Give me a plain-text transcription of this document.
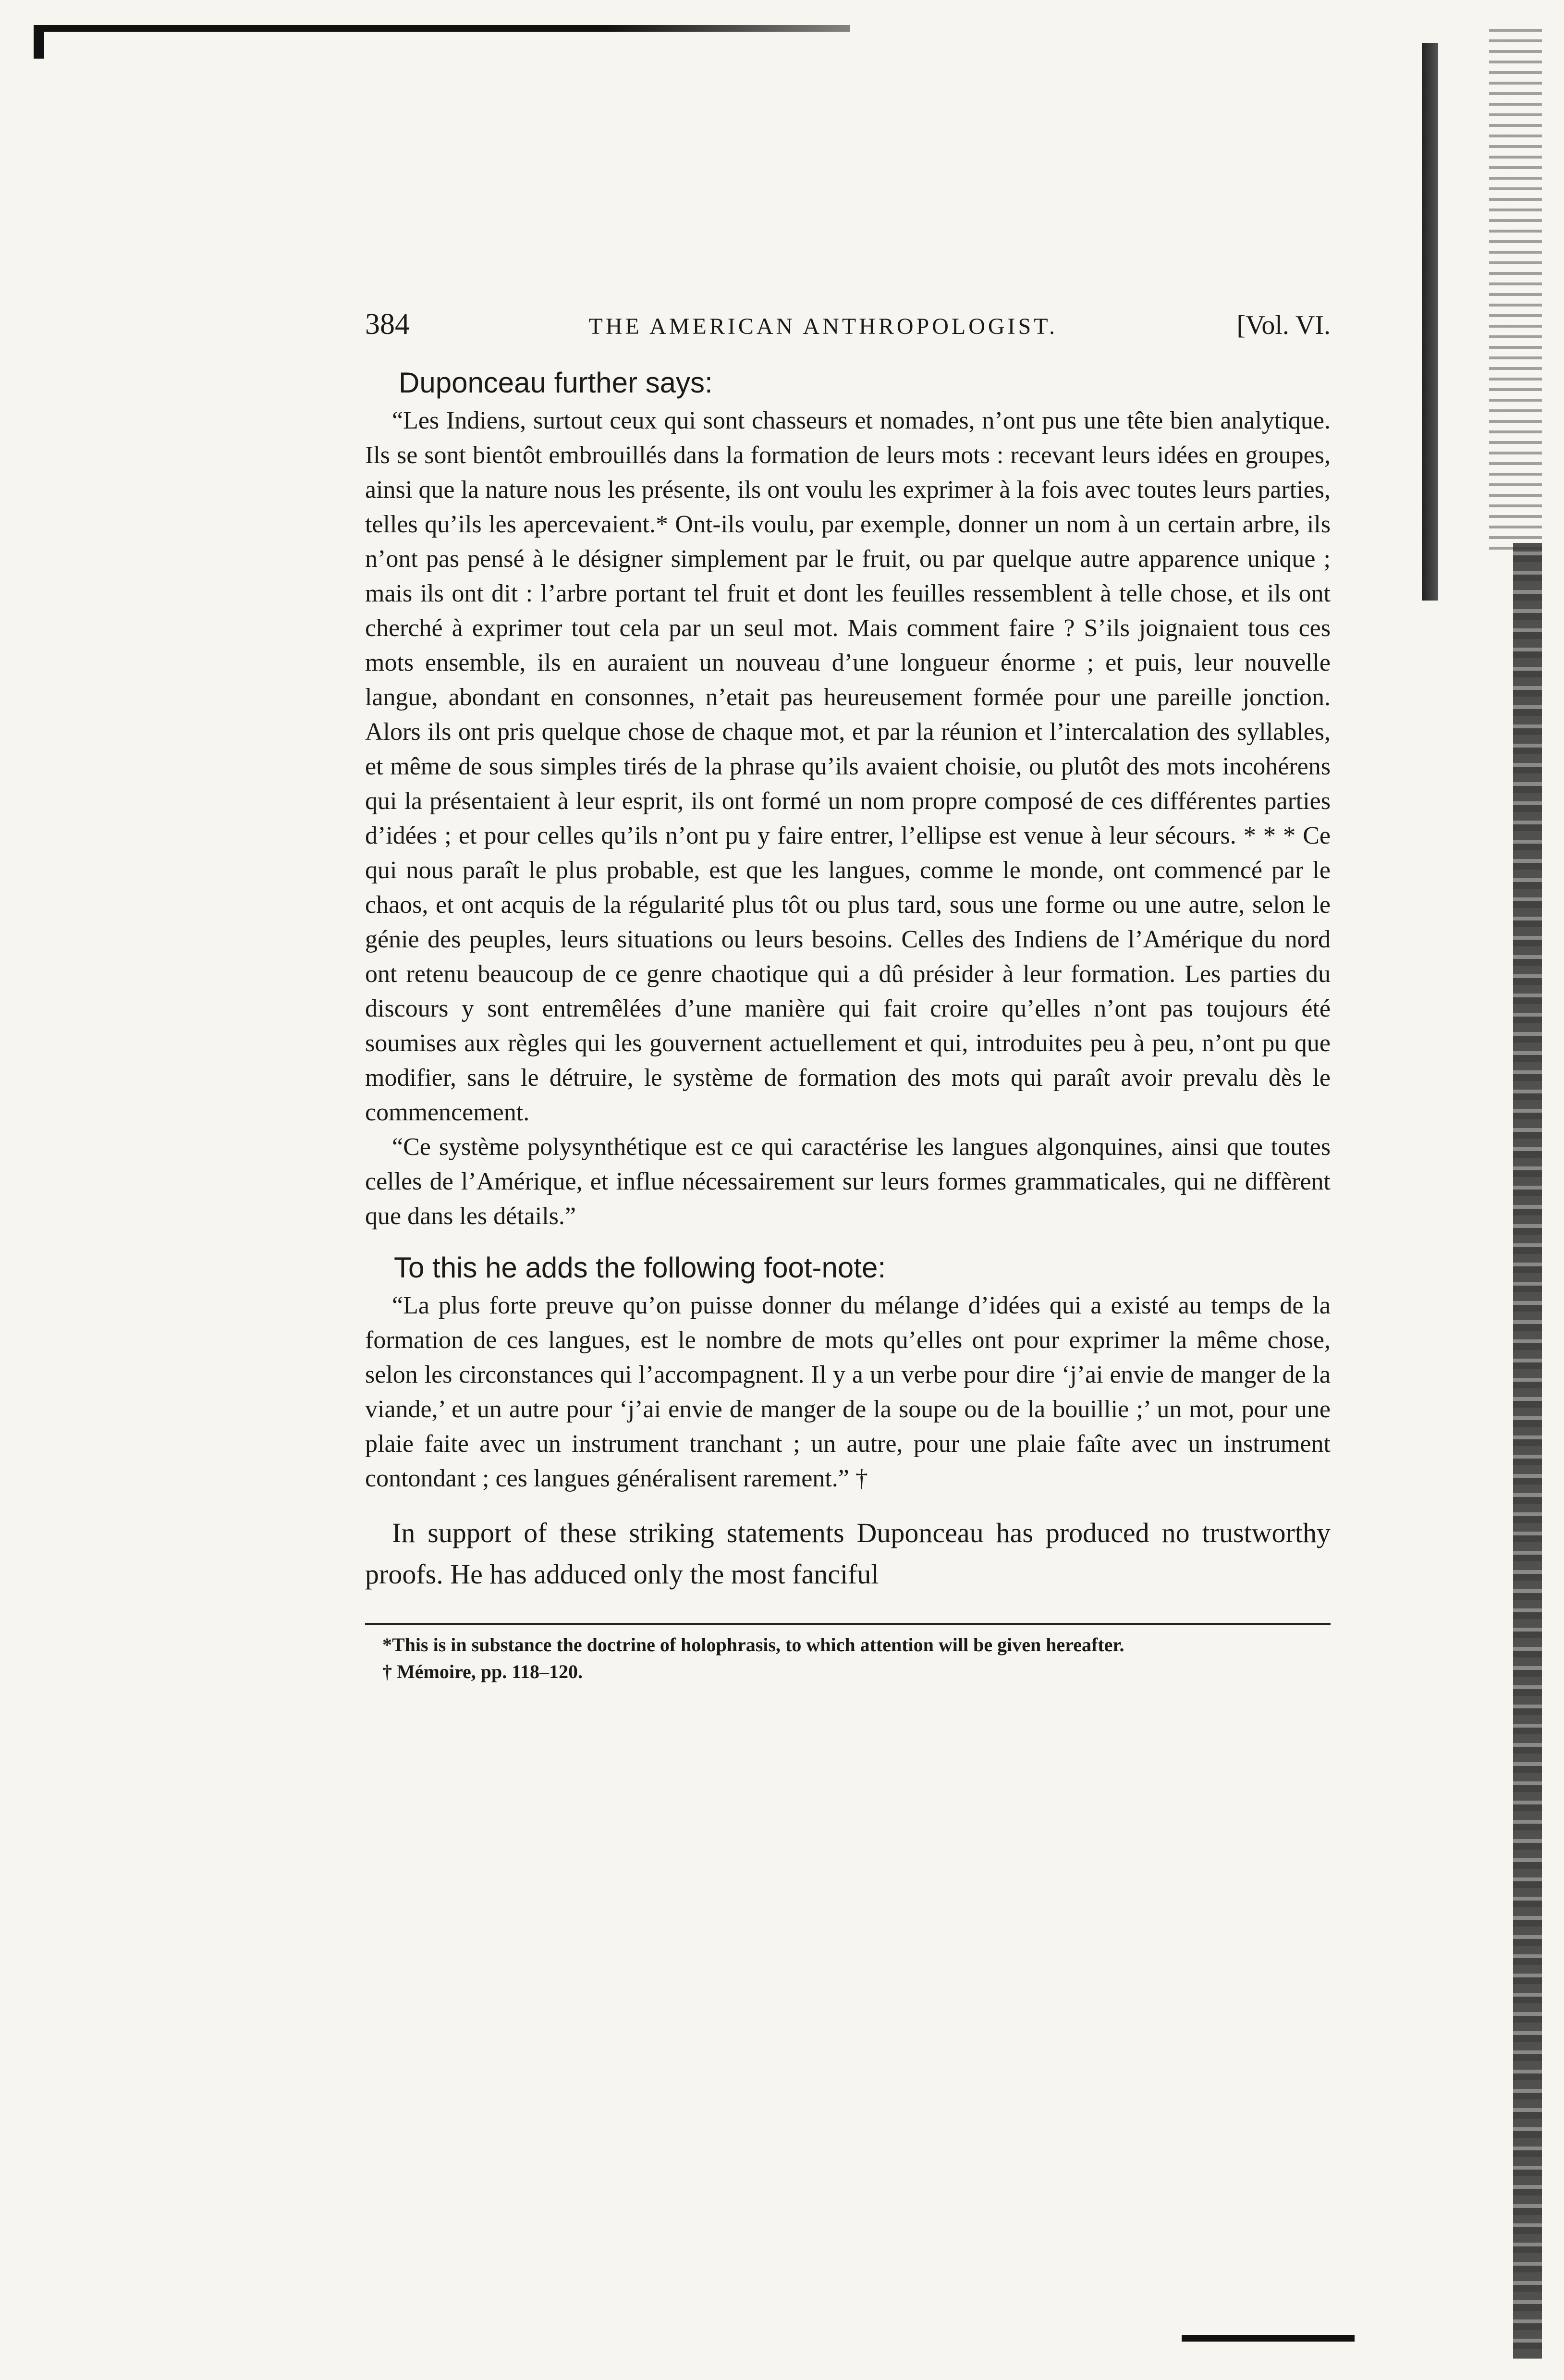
384	THE AMERICAN ANTHROPOLOGIST.	[Vol. VI.
Duponceau further says:

“Les Indiens, surtout ceux qui sont chasseurs et nomades, n’ont pus une tête bien analytique. Ils se sont bientôt embrouillés dans la formation de leurs mots : recevant leurs idées en groupes, ainsi que la nature nous les présente, ils ont voulu les exprimer à la fois avec toutes leurs parties, telles qu’ils les apercevaient.* Ont-ils voulu, par exemple, donner un nom à un certain arbre, ils n’ont pas pensé à le désigner simplement par le fruit, ou par quelque autre apparence unique ; mais ils ont dit : l’arbre portant tel fruit et dont les feuilles ressemblent à telle chose, et ils ont cherché à exprimer tout cela par un seul mot. Mais comment faire ? S’ils joignaient tous ces mots ensemble, ils en auraient un nouveau d’une longueur énorme ; et puis, leur nouvelle langue, abondant en consonnes, n’etait pas heureusement formée pour une pareille jonction. Alors ils ont pris quelque chose de chaque mot, et par la réunion et l’intercalation des syllables, et même de sous simples tirés de la phrase qu’ils avaient choisie, ou plutôt des mots incohérens qui la présentaient à leur esprit, ils ont formé un nom propre composé de ces différentes parties d’idées ; et pour celles qu’ils n’ont pu y faire entrer, l’ellipse est venue à leur sécours. * * * Ce qui nous paraît le plus probable, est que les langues, comme le monde, ont commencé par le chaos, et ont acquis de la régularité plus tôt ou plus tard, sous une forme ou une autre, selon le génie des peuples, leurs situations ou leurs besoins. Celles des Indiens de l’Amérique du nord ont retenu beaucoup de ce genre chaotique qui a dû présider à leur formation. Les parties du discours y sont entremêlées d’une manière qui fait croire qu’elles n’ont pas toujours été soumises aux règles qui les gouvernent actuellement et qui, introduites peu à peu, n’ont pu que modifier, sans le détruire, le système de formation des mots qui paraît avoir prevalu dès le commencement.

“Ce système polysynthétique est ce qui caractérise les langues algonquines, ainsi que toutes celles de l’Amérique, et influe nécessairement sur leurs formes grammaticales, qui ne diffèrent que dans les détails.”

To this he adds the following foot-note:

“La plus forte preuve qu’on puisse donner du mélange d’idées qui a existé au temps de la formation de ces langues, est le nombre de mots qu’elles ont pour exprimer la même chose, selon les circonstances qui l’accompagnent. Il y a un verbe pour dire ‘j’ai envie de manger de la viande,’ et un autre pour ‘j’ai envie de manger de la soupe ou de la bouillie ;’ un mot, pour une plaie faite avec un instrument tranchant ; un autre, pour une plaie faîte avec un instrument contondant ; ces langues généralisent rarement.” †

In support of these striking statements Duponceau has produced no trustworthy proofs. He has adduced only the most fanciful

*This is in substance the doctrine of holophrasis, to which attention will be given hereafter.

† Mémoire, pp. 118–120.
